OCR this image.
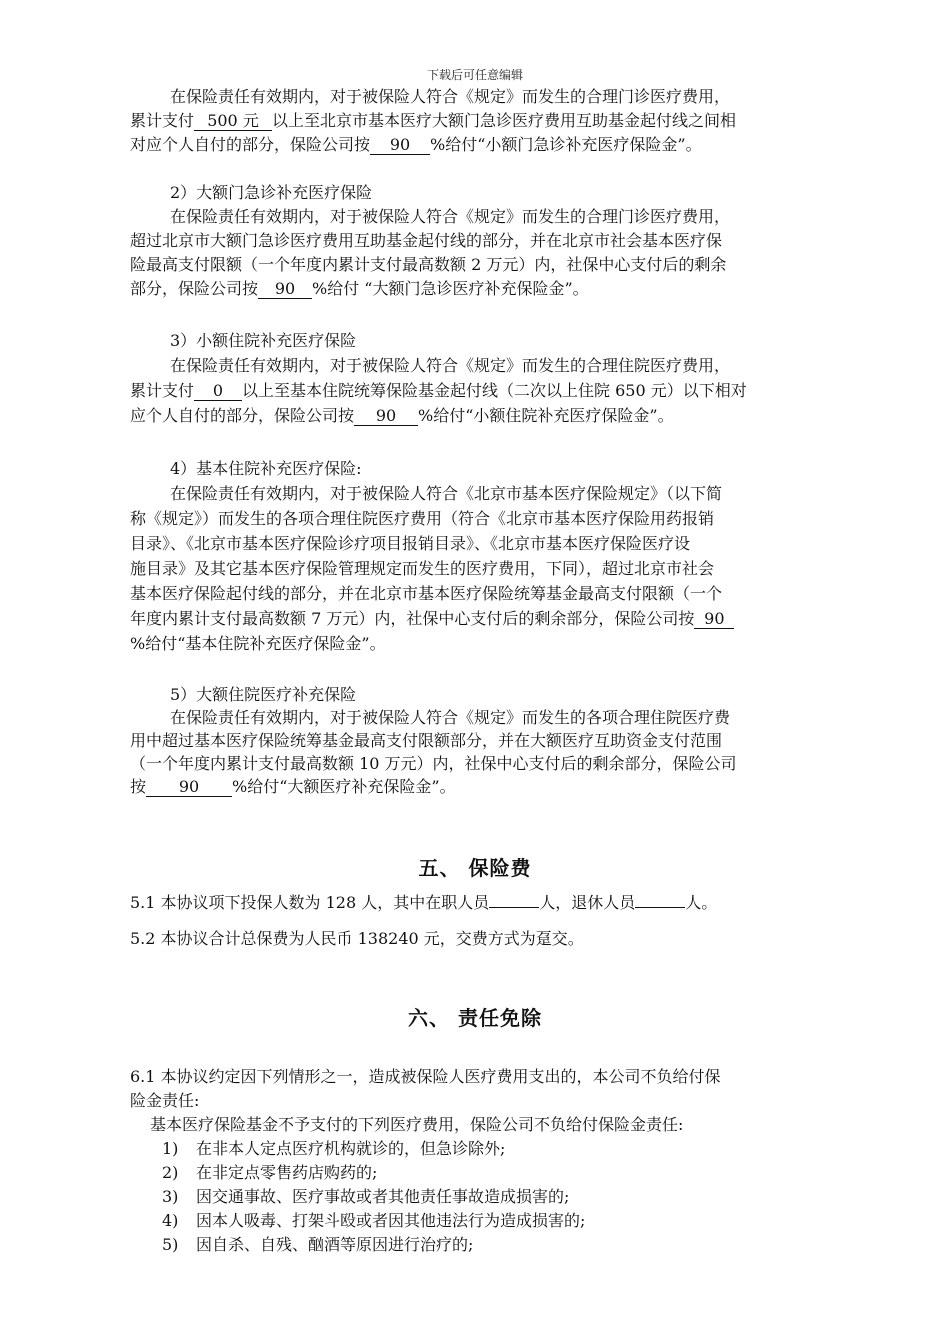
下载后可任意编辑
在保险责任有效期内，对于被保险人符合《规定》而发生的合理门诊医疗费用，
累计支付 500 元 以上至北京市基本医疗大额门急诊医疗费用互助基金起付线之间相
对应个人自付的部分，保险公司按 90 %给付“小额门急诊补充医疗保险金”。
2）大额门急诊补充医疗保险
在保险责任有效期内，对于被保险人符合《规定》而发生的合理门诊医疗费用，
超过北京市大额门急诊医疗费用互助基金起付线的部分，并在北京市社会基本医疗保
险最高支付限额（一个年度内累计支付最高数额 2 万元）内，社保中心支付后的剩余
部分，保险公司按 90 %给付 “大额门急诊医疗补充保险金”。
3）小额住院补充医疗保险
在保险责任有效期内，对于被保险人符合《规定》而发生的合理住院医疗费用，
累计支付 0 以上至基本住院统筹保险基金起付线（二次以上住院 650 元）以下相对
应个人自付的部分，保险公司按 90 %给付“小额住院补充医疗保险金”。
4）基本住院补充医疗保险:
在保险责任有效期内，对于被保险人符合《北京市基本医疗保险规定》（以下简
称《规定》）而发生的各项合理住院医疗费用（符合《北京市基本医疗保险用药报销
目录》、《北京市基本医疗保险诊疗项目报销目录》、《北京市基本医疗保险医疗设
施目录》及其它基本医疗保险管理规定而发生的医疗费用，下同），超过北京市社会
基本医疗保险起付线的部分，并在北京市基本医疗保险统筹基金最高支付限额（一个
年度内累计支付最高数额 7 万元）内，社保中心支付后的剩余部分，保险公司按 90
%给付“基本住院补充医疗保险金”。
5）大额住院医疗补充保险
在保险责任有效期内，对于被保险人符合《规定》而发生的各项合理住院医疗费
用中超过基本医疗保险统筹基金最高支付限额部分，并在大额医疗互助资金支付范围
（一个年度内累计支付最高数额 10 万元）内，社保中心支付后的剩余部分，保险公司
按 90 %给付“大额医疗补充保险金”。
五、 保险费
5.1 本协议项下投保人数为 128 人，其中在职人员	人，退休人员	人。
5.2 本协议合计总保费为人民币 138240 元，交费方式为趸交。
六、 责任免除
6.1 本协议约定因下列情形之一，造成被保险人医疗费用支出的，本公司不负给付保
险金责任:
基本医疗保险基金不予支付的下列医疗费用，保险公司不负给付保险金责任:
1) 在非本人定点医疗机构就诊的，但急诊除外;
2) 在非定点零售药店购药的;
3) 因交通事故、医疗事故或者其他责任事故造成损害的;
4) 因本人吸毒、打架斗殴或者因其他违法行为造成损害的;
5) 因自杀、自残、酗酒等原因进行治疗的;
